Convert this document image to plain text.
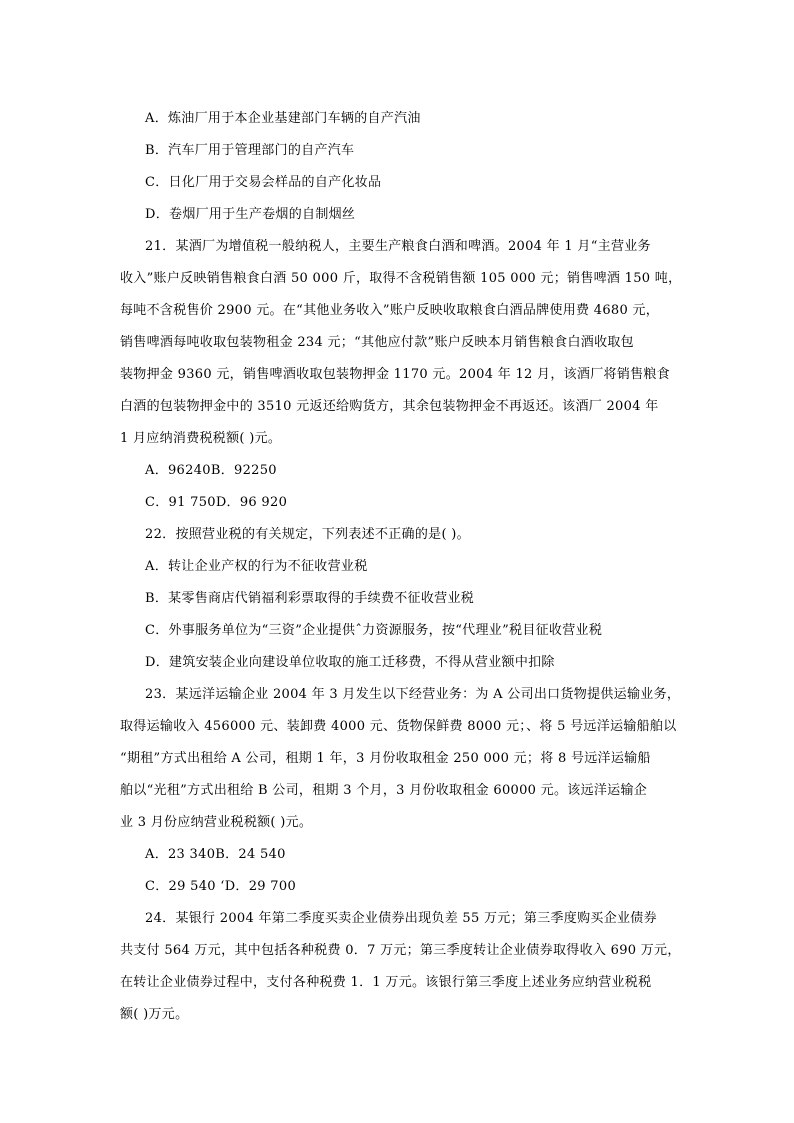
A．炼油厂用于本企业基建部门车辆的自产汽油
B．汽车厂用于管理部门的自产汽车
C．日化厂用于交易会样品的自产化妆品
D．卷烟厂用于生产卷烟的自制烟丝
21．某酒厂为增值税一般纳税人，主要生产粮食白酒和啤酒。2004 年 1 月“主营业务
收入”账户反映销售粮食白酒 50 000 斤，取得不含税销售额 105 000 元；销售啤酒 150 吨，
每吨不含税售价 2900 元。在“其他业务收入”账户反映收取粮食白酒品牌使用费 4680 元，
销售啤酒每吨收取包装物租金 234 元；“其他应付款”账户反映本月销售粮食白酒收取包
装物押金 9360 元，销售啤酒收取包装物押金 1170 元。2004 年 12 月，该酒厂将销售粮食
白酒的包装物押金中的 3510 元返还给购货方，其余包装物押金不再返还。该酒厂 2004 年
1 月应纳消费税税额( )元。
A．96240B．92250
C．91 750D．96 920
22．按照营业税的有关规定，下列表述不正确的是( )。
A．转让企业产权的行为不征收营业税
B．某零售商店代销福利彩票取得的手续费不征收营业税
C．外事服务单位为“三资”企业提供ˆ力资源服务，按“代理业”税目征收营业税
D．建筑安装企业向建设单位收取的施工迁移费，不得从营业额中扣除
23．某远洋运输企业 2004 年 3 月发生以下经营业务：为 A 公司出口货物提供运输业务，
取得运输收入 456000 元、装卸费 4000 元、货物保鲜费 8000 元；、将 5 号远洋运输船舶以
“期租”方式出租给 A 公司，租期 1 年，3 月份收取租金 250 000 元；将 8 号远洋运输船
舶以“光租”方式出租给 B 公司，租期 3 个月，3 月份收取租金 60000 元。该远洋运输企
业 3 月份应纳营业税税额( )元。
A．23 340B．24 540
C．29 540 ‘D．29 700
24．某银行 2004 年第二季度买卖企业债券出现负差 55 万元；第三季度购买企业债券
共支付 564 万元，其中包括各种税费 0．7 万元；第三季度转让企业债券取得收入 690 万元，
在转让企业债券过程中，支付各种税费 1．1 万元。该银行第三季度上述业务应纳营业税税
额( )万元。
